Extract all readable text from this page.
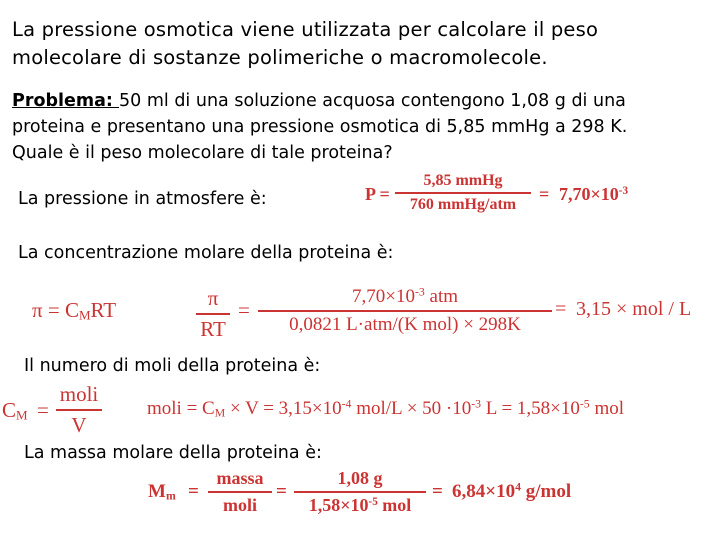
La pressione osmotica viene utilizzata per calcolare il peso
molecolare di sostanze polimeriche o macromolecole.
Problema: 50 ml di una soluzione acquosa contengono 1,08 g di una
proteina e presentano una pressione osmotica di 5,85 mmHg a 298 K.
Quale è il peso molecolare di tale proteina?
La pressione in atmosfere è:	P =
5,85 mmHg
760 mmHg/atm	= $7,70\times 10^{-3}$
La concentrazione molare della proteina è:
$\pi = C_MRT$	π
RT
=
$7,70\times 10^{-3}$ atm
0,0821 L·atm/(K mol) × 298K
= 3,15 × mol / L
Il numero di moli della proteina è:
$C_M$ =
moli
V
moli = $C_M \times V = 3,15\times 10^{-4}$ $mol/L \times 50 \cdot 10^{-3}$ $L = 1,58\times 10^{-5}$ mol
La massa molare della proteina è:
$M_m$ =
massa
moli
=
1,08 g
$1,58\times 10^{-5}$ mol
= $6,84\times 10^4$ g/mol
